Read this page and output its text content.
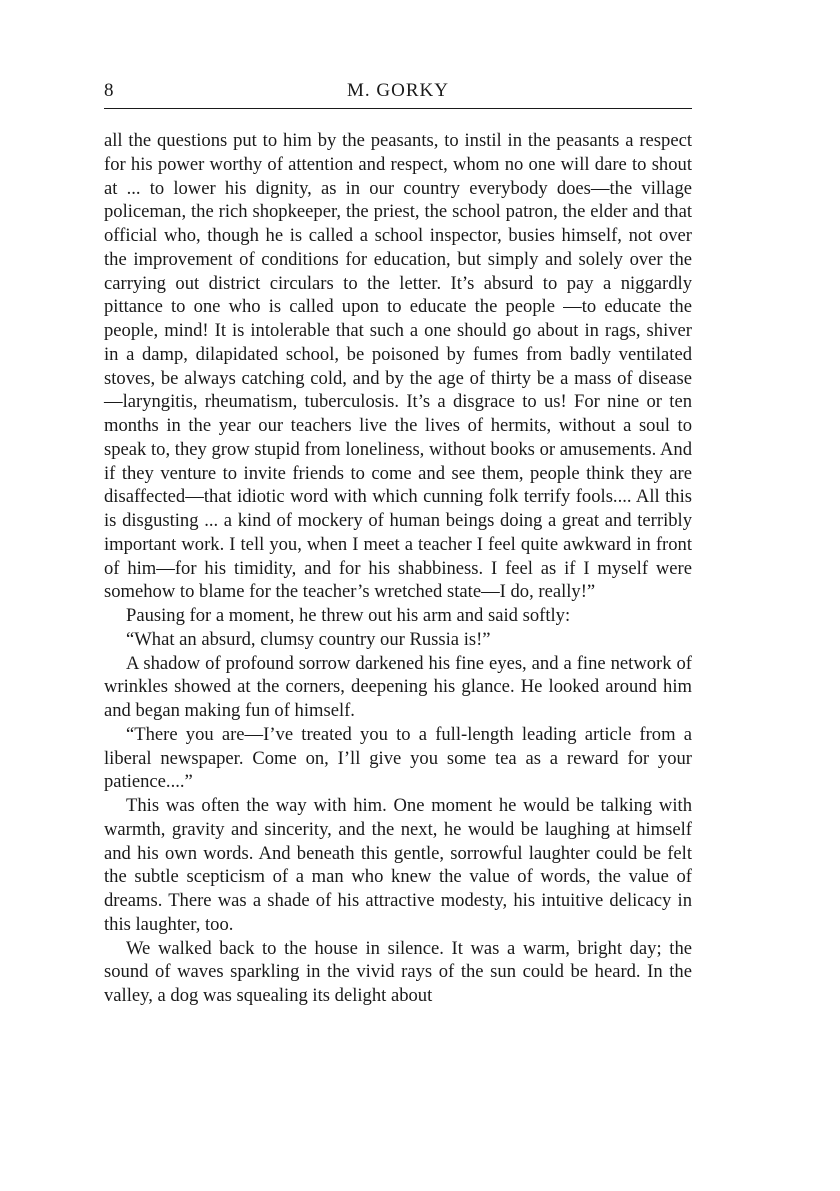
8	M. GORKY

all the questions put to him by the peasants, to instil in the peasants a respect for his power worthy of attention and respect, whom no one will dare to shout at ... to lower his dignity, as in our country everybody does—the village policeman, the rich shopkeeper, the priest, the school patron, the elder and that official who, though he is called a school inspector, busies himself, not over the improvement of conditions for education, but simply and solely over the carrying out district circulars to the letter. It’s absurd to pay a niggardly pittance to one who is called upon to educate the people —to educate the people, mind! It is intolerable that such a one should go about in rags, shiver in a damp, dilapidated school, be poisoned by fumes from badly ventilated stoves, be always catching cold, and by the age of thirty be a mass of disease—laryngitis, rheumatism, tuberculosis. It’s a disgrace to us! For nine or ten months in the year our teachers live the lives of hermits, without a soul to speak to, they grow stupid from loneliness, without books or amusements. And if they venture to invite friends to come and see them, people think they are disaffected—that idiotic word with which cunning folk terrify fools.... All this is disgusting ... a kind of mockery of human beings doing a great and terribly important work. I tell you, when I meet a teacher I feel quite awkward in front of him—for his timidity, and for his shabbiness. I feel as if I myself were somehow to blame for the teacher’s wretched state—I do, really!”

Pausing for a moment, he threw out his arm and said softly:

“What an absurd, clumsy country our Russia is!”

A shadow of profound sorrow darkened his fine eyes, and a fine network of wrinkles showed at the corners, deepening his glance. He looked around him and began making fun of himself.

“There you are—I’ve treated you to a full-length leading article from a liberal newspaper. Come on, I’ll give you some tea as a reward for your patience....”

This was often the way with him. One moment he would be talking with warmth, gravity and sincerity, and the next, he would be laughing at himself and his own words. And beneath this gentle, sorrowful laughter could be felt the subtle scepticism of a man who knew the value of words, the value of dreams. There was a shade of his attractive modesty, his intuitive delicacy in this laughter, too.

We walked back to the house in silence. It was a warm, bright day; the sound of waves sparkling in the vivid rays of the sun could be heard. In the valley, a dog was squealing its delight about
